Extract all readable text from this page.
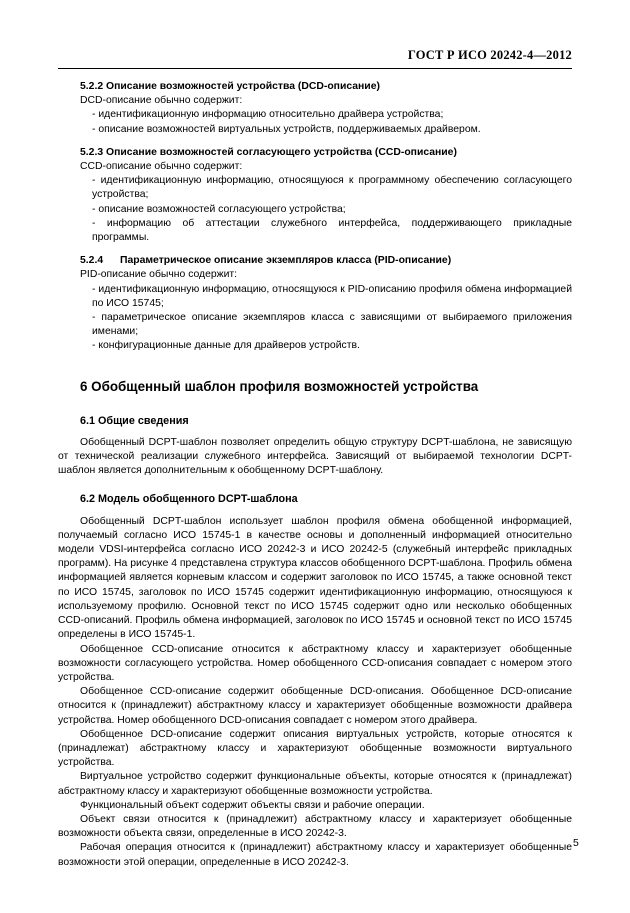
ГОСТ Р ИСО 20242-4—2012

5.2.2 Описание возможностей устройства (DCD-описание)

DCD-описание обычно содержит:

- идентификационную информацию относительно драйвера устройства;

- описание возможностей виртуальных устройств, поддерживаемых драйвером.

5.2.3 Описание возможностей согласующего устройства (CCD-описание)

CCD-описание обычно содержит:

- идентификационную информацию, относящуюся к программному обеспечению согласующего устройства;

- описание возможностей согласующего устройства;

- информацию об аттестации служебного интерфейса, поддерживающего прикладные программы.

5.2.4 Параметрическое описание экземпляров класса (PID-описание)

PID-описание обычно содержит:

- идентификационную информацию, относящуюся к PID-описанию профиля обмена информацией по ИСО 15745;

- параметрическое описание экземпляров класса с зависящими от выбираемого приложения именами;

- конфигурационные данные для драйверов устройств.

6 Обобщенный шаблон профиля возможностей устройства

6.1 Общие сведения

Обобщенный DCPT-шаблон позволяет определить общую структуру DCPT-шаблона, не зависящую от технической реализации служебного интерфейса. Зависящий от выбираемой технологии DCPT-шаблон является дополнительным к обобщенному DCPT-шаблону.

6.2 Модель обобщенного DCPT-шаблона

Обобщенный DCPT-шаблон использует шаблон профиля обмена обобщенной информацией, получаемый согласно ИСО 15745-1 в качестве основы и дополненный информацией относительно модели VDSI-интерфейса согласно ИСО 20242-3 и ИСО 20242-5 (служебный интерфейс прикладных программ). На рисунке 4 представлена структура классов обобщенного DCPT-шаблона. Профиль обмена информацией является корневым классом и содержит заголовок по ИСО 15745, а также основной текст по ИСО 15745, заголовок по ИСО 15745 содержит идентификационную информацию, относящуюся к используемому профилю. Основной текст по ИСО 15745 содержит одно или несколько обобщенных CCD-описаний. Профиль обмена информацией, заголовок по ИСО 15745 и основной текст по ИСО 15745 определены в ИСО 15745-1.

Обобщенное CCD-описание относится к абстрактному классу и характеризует обобщенные возможности согласующего устройства. Номер обобщенного CCD-описания совпадает с номером этого устройства.

Обобщенное CCD-описание содержит обобщенные DCD-описания. Обобщенное DCD-описание относится к (принадлежит) абстрактному классу и характеризует обобщенные возможности драйвера устройства. Номер обобщенного DCD-описания совпадает с номером этого драйвера.

Обобщенное DCD-описание содержит описания виртуальных устройств, которые относятся к (принадлежат) абстрактному классу и характеризуют обобщенные возможности виртуального устройства.

Виртуальное устройство содержит функциональные объекты, которые относятся к (принадлежат) абстрактному классу и характеризуют обобщенные возможности устройства.

Функциональный объект содержит объекты связи и рабочие операции.

Объект связи относится к (принадлежит) абстрактному классу и характеризует обобщенные возможности объекта связи, определенные в ИСО 20242-3.

Рабочая операция относится к (принадлежит) абстрактному классу и характеризует обобщенные возможности этой операции, определенные в ИСО 20242-3.

5
